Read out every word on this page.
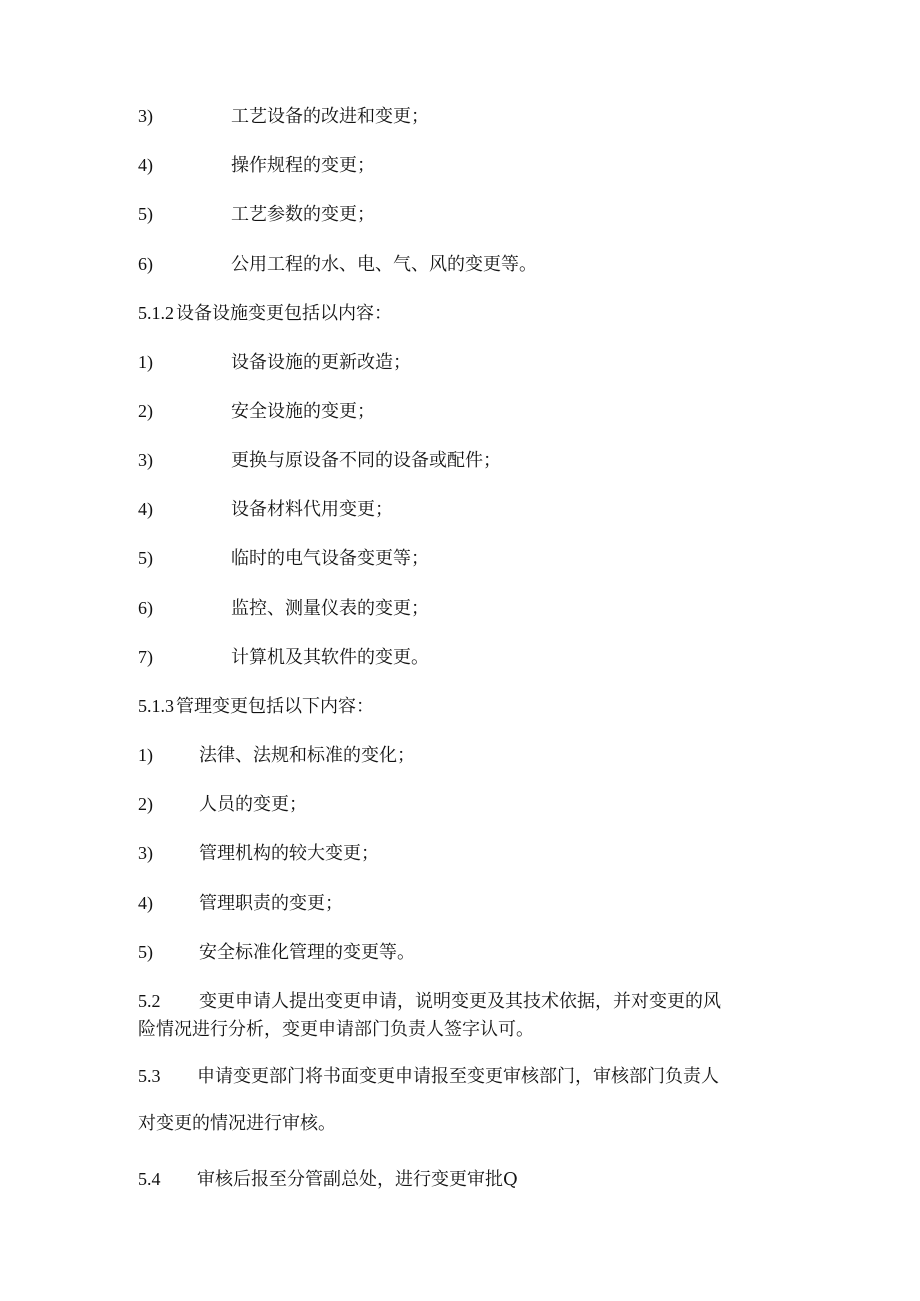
3)	工艺设备的改进和变更；
4)	操作规程的变更；
5)	工艺参数的变更；
6)	公用工程的水、电、气、风的变更等。
5.1.2 设备设施变更包括以内容：
1)	设备设施的更新改造；
2)	安全设施的变更；
3)	更换与原设备不同的设备或配件；
4)	设备材料代用变更；
5)	临时的电气设备变更等；
6)	监控、测量仪表的变更；
7)	计算机及其软件的变更。
5.1.3 管理变更包括以下内容：
1)	法律、法规和标准的变化；
2)	人员的变更；
3)	管理机构的较大变更；
4)	管理职责的变更；
5)	安全标准化管理的变更等。
5.2 变更申请人提出变更申请，说明变更及其技术依据，并对变更的风
险情况进行分析，变更申请部门负责人签字认可。
5.3 申请变更部门将书面变更申请报至变更审核部门，审核部门负责人
对变更的情况进行审核。
5.4 审核后报至分管副总处，进行变更审批Q
